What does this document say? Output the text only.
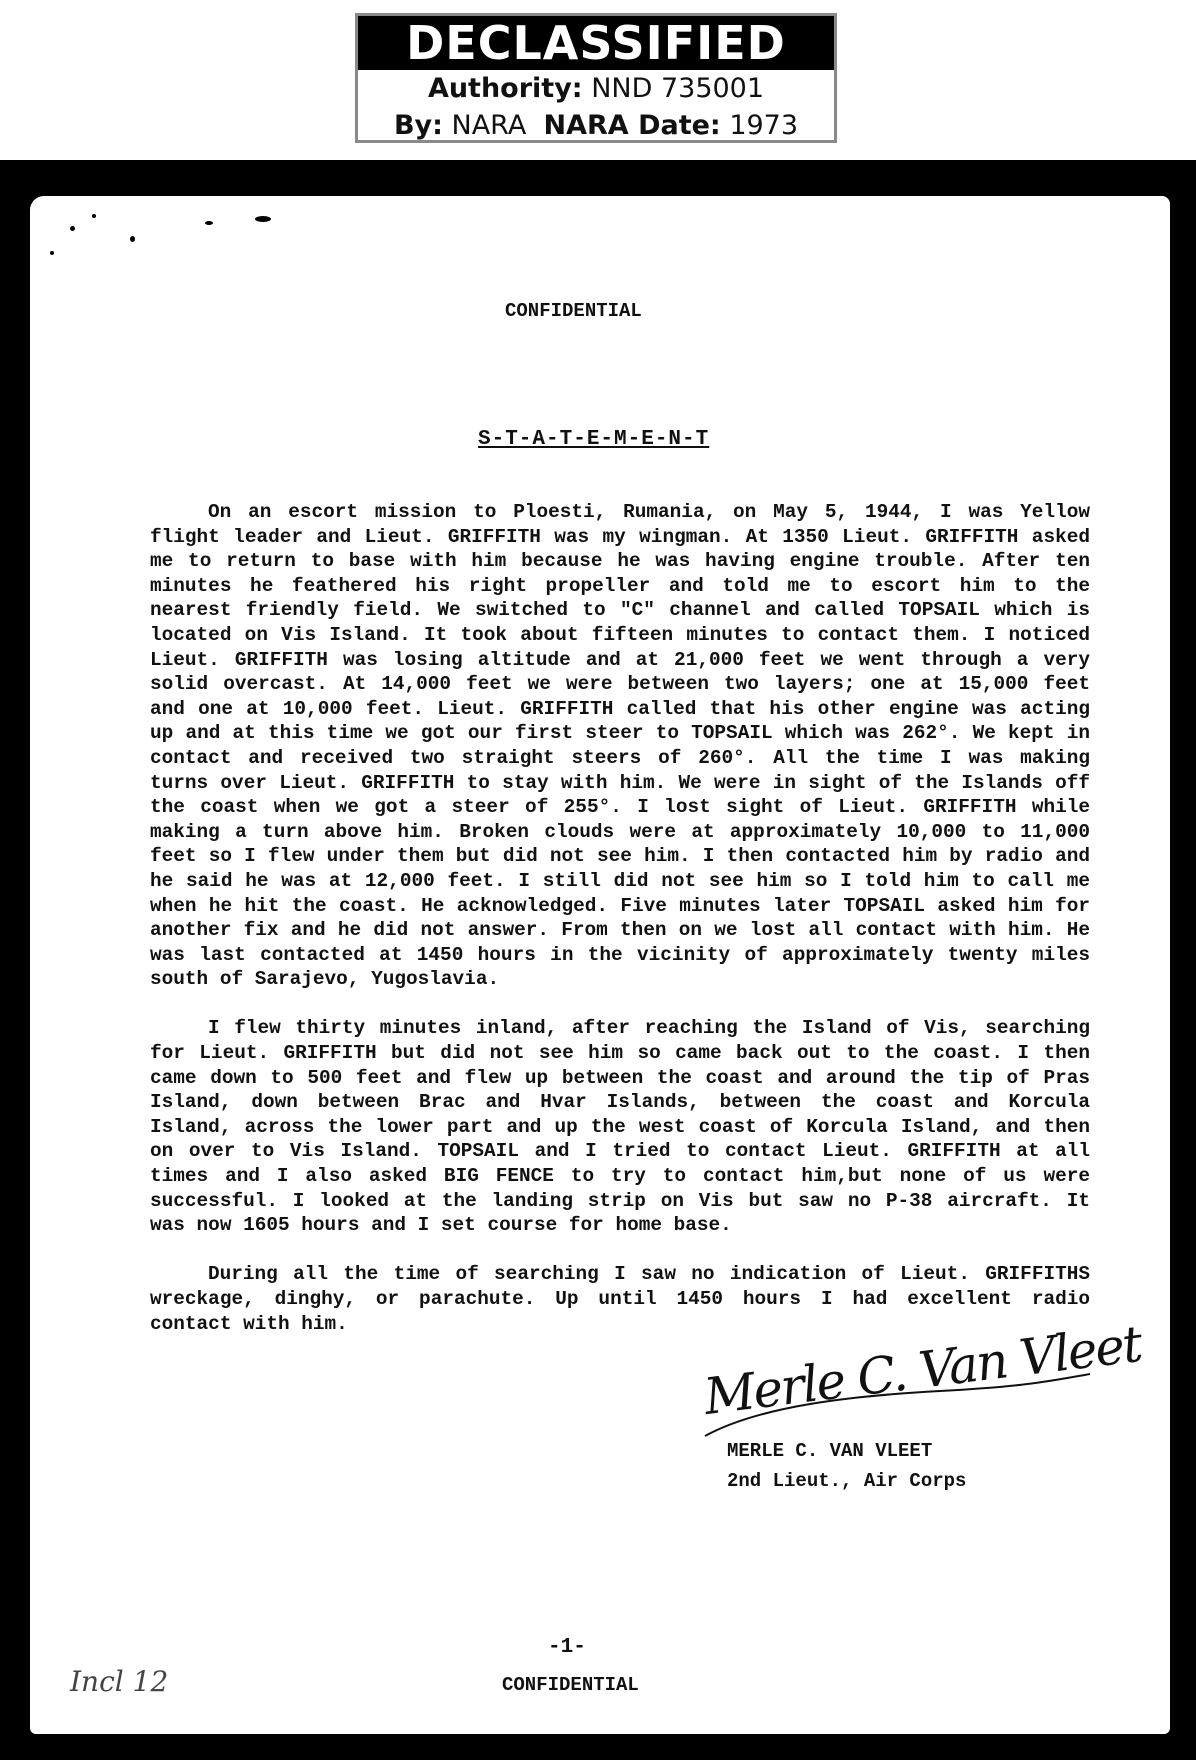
DECLASSIFIED
Authority: NND 735001
By: NARA NARA Date: 1973
CONFIDENTIAL
S-T-A-T-E-M-E-N-T

On an escort mission to Ploesti, Rumania, on May 5, 1944, I was Yellow flight leader and Lieut. GRIFFITH was my wingman. At 1350 Lieut. GRIFFITH asked me to return to base with him because he was having engine trouble. After ten minutes he feathered his right propeller and told me to escort him to the nearest friendly field. We switched to "C" channel and called TOPSAIL which is located on Vis Island. It took about fifteen minutes to contact them. I noticed Lieut. GRIFFITH was losing altitude and at 21,000 feet we went through a very solid overcast. At 14,000 feet we were between two layers; one at 15,000 feet and one at 10,000 feet. Lieut. GRIFFITH called that his other engine was acting up and at this time we got our first steer to TOPSAIL which was 262°. We kept in contact and received two straight steers of 260°. All the time I was making turns over Lieut. GRIFFITH to stay with him. We were in sight of the Islands off the coast when we got a steer of 255°. I lost sight of Lieut. GRIFFITH while making a turn above him. Broken clouds were at approximately 10,000 to 11,000 feet so I flew under them but did not see him. I then contacted him by radio and he said he was at 12,000 feet. I still did not see him so I told him to call me when he hit the coast. He acknowledged. Five minutes later TOPSAIL asked him for another fix and he did not answer. From then on we lost all contact with him. He was last contacted at 1450 hours in the vicinity of approximately twenty miles south of Sarajevo, Yugoslavia.

I flew thirty minutes inland, after reaching the Island of Vis, searching for Lieut. GRIFFITH but did not see him so came back out to the coast. I then came down to 500 feet and flew up between the coast and around the tip of Pras Island, down between Brac and Hvar Islands, between the coast and Korcula Island, across the lower part and up the west coast of Korcula Island, and then on over to Vis Island. TOPSAIL and I tried to contact Lieut. GRIFFITH at all times and I also asked BIG FENCE to try to contact him,but none of us were successful. I looked at the landing strip on Vis but saw no P-38 aircraft. It was now 1605 hours and I set course for home base.

During all the time of searching I saw no indication of Lieut. GRIFFITHS wreckage, dinghy, or parachute. Up until 1450 hours I had excellent radio contact with him.	Merle C. Van Vleet
MERLE C. VAN VLEET
2nd Lieut., Air Corps
-1-
CONFIDENTIAL
Incl 12
